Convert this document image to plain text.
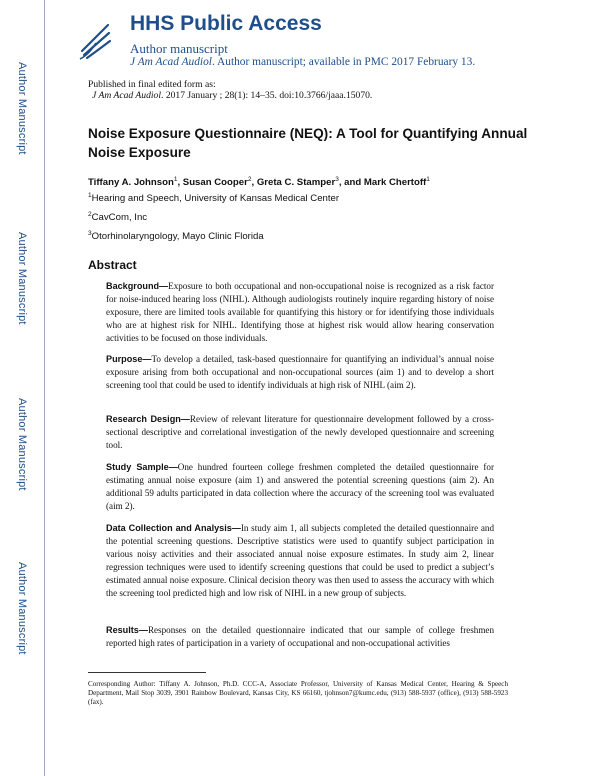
Author Manuscript
Author Manuscript
Author Manuscript
Author Manuscript
HHS Public Access
Author manuscript
J Am Acad Audiol. Author manuscript; available in PMC 2017 February 13.
Published in final edited form as:
J Am Acad Audiol. 2017 January ; 28(1): 14–35. doi:10.3766/jaaa.15070.
Noise Exposure Questionnaire (NEQ): A Tool for Quantifying Annual Noise Exposure
Tiffany A. Johnson$^1$, Susan Cooper$^2$, Greta C. Stamper$^3$, and Mark Chertoff$^1$
$^1$Hearing and Speech, University of Kansas Medical Center
$^2$CavCom, Inc
$^3$Otorhinolaryngology, Mayo Clinic Florida
Abstract
Background—Exposure to both occupational and non-occupational noise is recognized as a risk factor for noise-induced hearing loss (NIHL). Although audiologists routinely inquire regarding history of noise exposure, there are limited tools available for quantifying this history or for identifying those individuals who are at highest risk for NIHL. Identifying those at highest risk would allow hearing conservation activities to be focused on those individuals.
Purpose—To develop a detailed, task-based questionnaire for quantifying an individual’s annual noise exposure arising from both occupational and non-occupational sources (aim 1) and to develop a short screening tool that could be used to identify individuals at high risk of NIHL (aim 2).
Research Design—Review of relevant literature for questionnaire development followed by a cross-sectional descriptive and correlational investigation of the newly developed questionnaire and screening tool.
Study Sample—One hundred fourteen college freshmen completed the detailed questionnaire for estimating annual noise exposure (aim 1) and answered the potential screening questions (aim 2). An additional 59 adults participated in data collection where the accuracy of the screening tool was evaluated (aim 2).
Data Collection and Analysis—In study aim 1, all subjects completed the detailed questionnaire and the potential screening questions. Descriptive statistics were used to quantify subject participation in various noisy activities and their associated annual noise exposure estimates. In study aim 2, linear regression techniques were used to identify screening questions that could be used to predict a subject’s estimated annual noise exposure. Clinical decision theory was then used to assess the accuracy with which the screening tool predicted high and low risk of NIHL in a new group of subjects.
Results—Responses on the detailed questionnaire indicated that our sample of college freshmen reported high rates of participation in a variety of occupational and non-occupational activities
Corresponding Author: Tiffany A. Johnson, Ph.D. CCC-A, Associate Professor, University of Kansas Medical Center, Hearing & Speech Department, Mail Stop 3039, 3901 Rainbow Boulevard, Kansas City, KS 66160, tjohnson7@kumc.edu, (913) 588-5937 (office), (913) 588-5923 (fax).
